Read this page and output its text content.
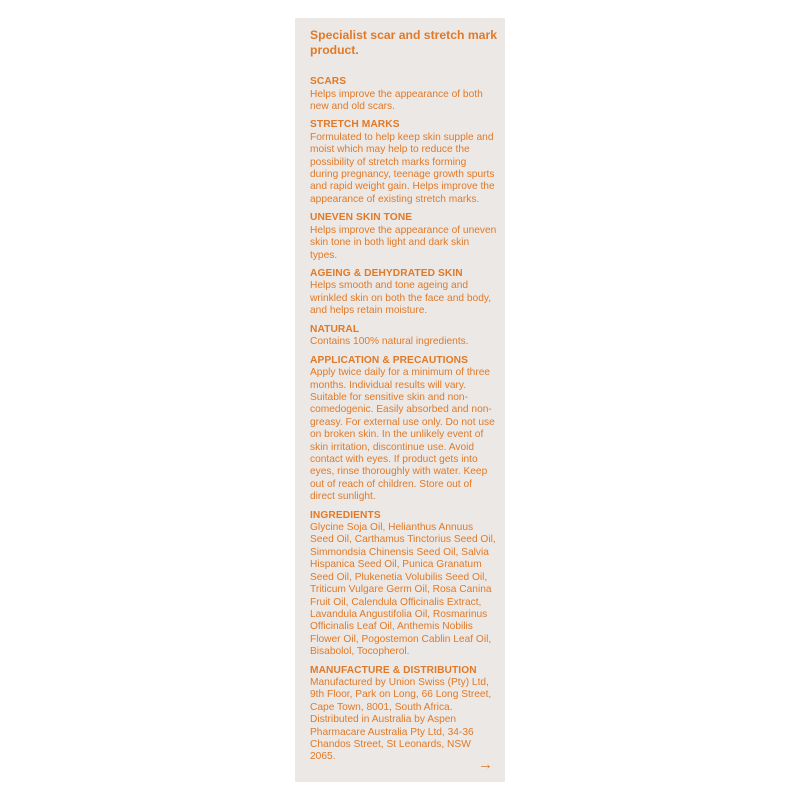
Specialist scar and stretch mark product.
SCARS
Helps improve the appearance of both new and old scars.
STRETCH MARKS
Formulated to help keep skin supple and moist which may help to reduce the possibility of stretch marks forming during pregnancy, teenage growth spurts and rapid weight gain. Helps improve the appearance of existing stretch marks.
UNEVEN SKIN TONE
Helps improve the appearance of uneven skin tone in both light and dark skin types.
AGEING & DEHYDRATED SKIN
Helps smooth and tone ageing and wrinkled skin on both the face and body, and helps retain moisture.
NATURAL
Contains 100% natural ingredients.
APPLICATION & PRECAUTIONS
Apply twice daily for a minimum of three months. Individual results will vary. Suitable for sensitive skin and non-comedogenic. Easily absorbed and non-greasy. For external use only. Do not use on broken skin. In the unlikely event of skin irritation, discontinue use. Avoid contact with eyes. If product gets into eyes, rinse thoroughly with water. Keep out of reach of children. Store out of direct sunlight.
INGREDIENTS
Glycine Soja Oil, Helianthus Annuus Seed Oil, Carthamus Tinctorius Seed Oil, Simmondsia Chinensis Seed Oil, Salvia Hispanica Seed Oil, Punica Granatum Seed Oil, Plukenetia Volubilis Seed Oil, Triticum Vulgare Germ Oil, Rosa Canina Fruit Oil, Calendula Officinalis Extract, Lavandula Angustifolia Oil, Rosmarinus Officinalis Leaf Oil, Anthemis Nobilis Flower Oil, Pogostemon Cablin Leaf Oil, Bisabolol, Tocopherol.
MANUFACTURE & DISTRIBUTION
Manufactured by Union Swiss (Pty) Ltd, 9th Floor, Park on Long, 66 Long Street, Cape Town, 8001, South Africa. Distributed in Australia by Aspen Pharmacare Australia Pty Ltd, 34-36 Chandos Street, St Leonards, NSW 2065.	→
